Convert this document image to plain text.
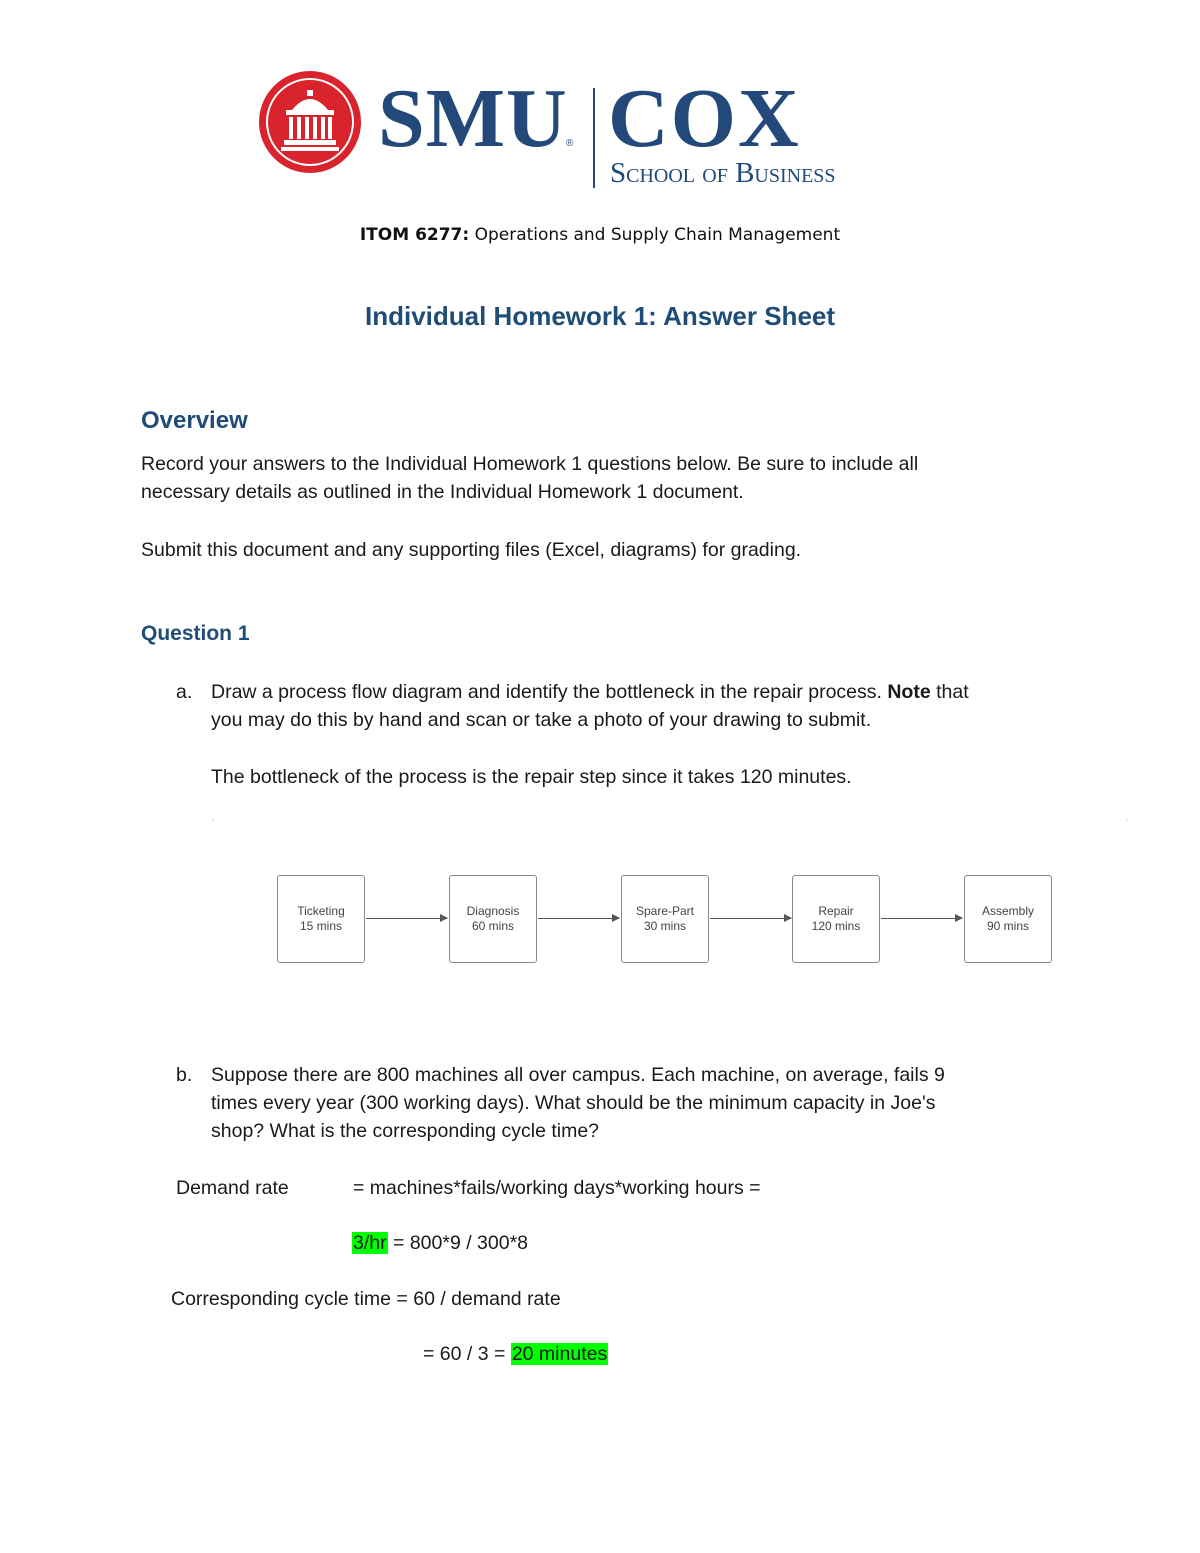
SMU
® COX
School of Business
ITOM 6277: Operations and Supply Chain Management
Individual Homework 1: Answer Sheet
Overview
Record your answers to the Individual Homework 1 questions below. Be sure to include all
necessary details as outlined in the Individual Homework 1 document.
Submit this document and any supporting files (Excel, diagrams) for grading.
Question 1
a. Draw a process flow diagram and identify the bottleneck in the repair process. Note that
you may do this by hand and scan or take a photo of your drawing to submit.
The bottleneck of the process is the repair step since it takes 120 minutes.
.	.
Ticketing
15 mins
Diagnosis
60 mins
Spare-Part
30 mins
Repair
120 mins
Assembly
90 mins
b. Suppose there are 800 machines all over campus. Each machine, on average, fails 9
times every year (300 working days). What should be the minimum capacity in Joe's
shop? What is the corresponding cycle time?
Demand rate	= machines*fails/working days*working hours =
3/hr = 800*9 / 300*8
Corresponding cycle time = 60 / demand rate
= 60 / 3 = 20 minutes
